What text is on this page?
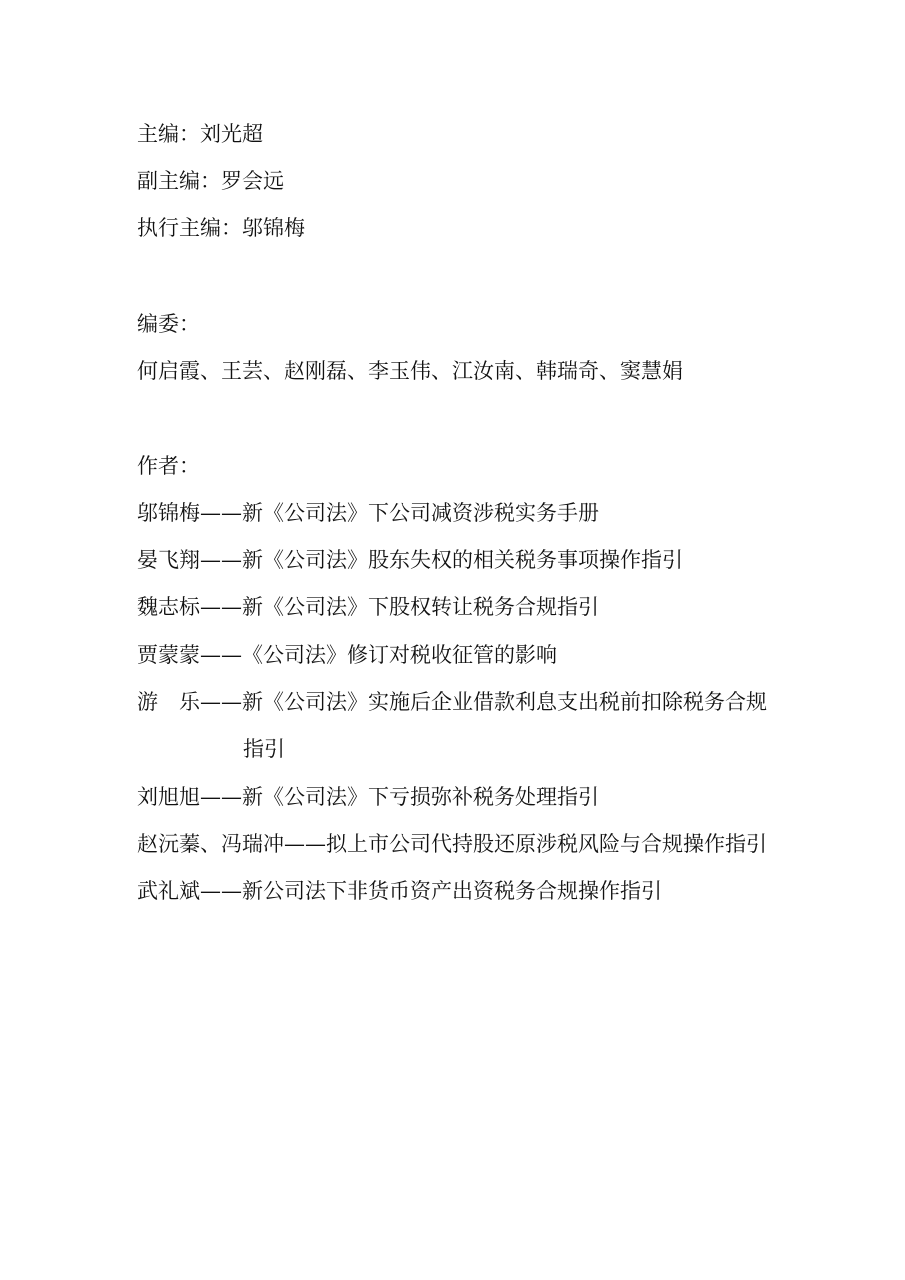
主编：刘光超
副主编：罗会远
执行主编：邬锦梅
编委：
何启霞、王芸、赵刚磊、李玉伟、江汝南、韩瑞奇、窦慧娟
作者：
邬锦梅——新《公司法》下公司减资涉税实务手册
晏飞翔——新《公司法》股东失权的相关税务事项操作指引
魏志标——新《公司法》下股权转让税务合规指引
贾蒙蒙——《公司法》修订对税收征管的影响
游　乐——新《公司法》实施后企业借款利息支出税前扣除税务合规
指引
刘旭旭——新《公司法》下亏损弥补税务处理指引
赵沅蓁、冯瑞冲——拟上市公司代持股还原涉税风险与合规操作指引
武礼斌——新公司法下非货币资产出资税务合规操作指引
